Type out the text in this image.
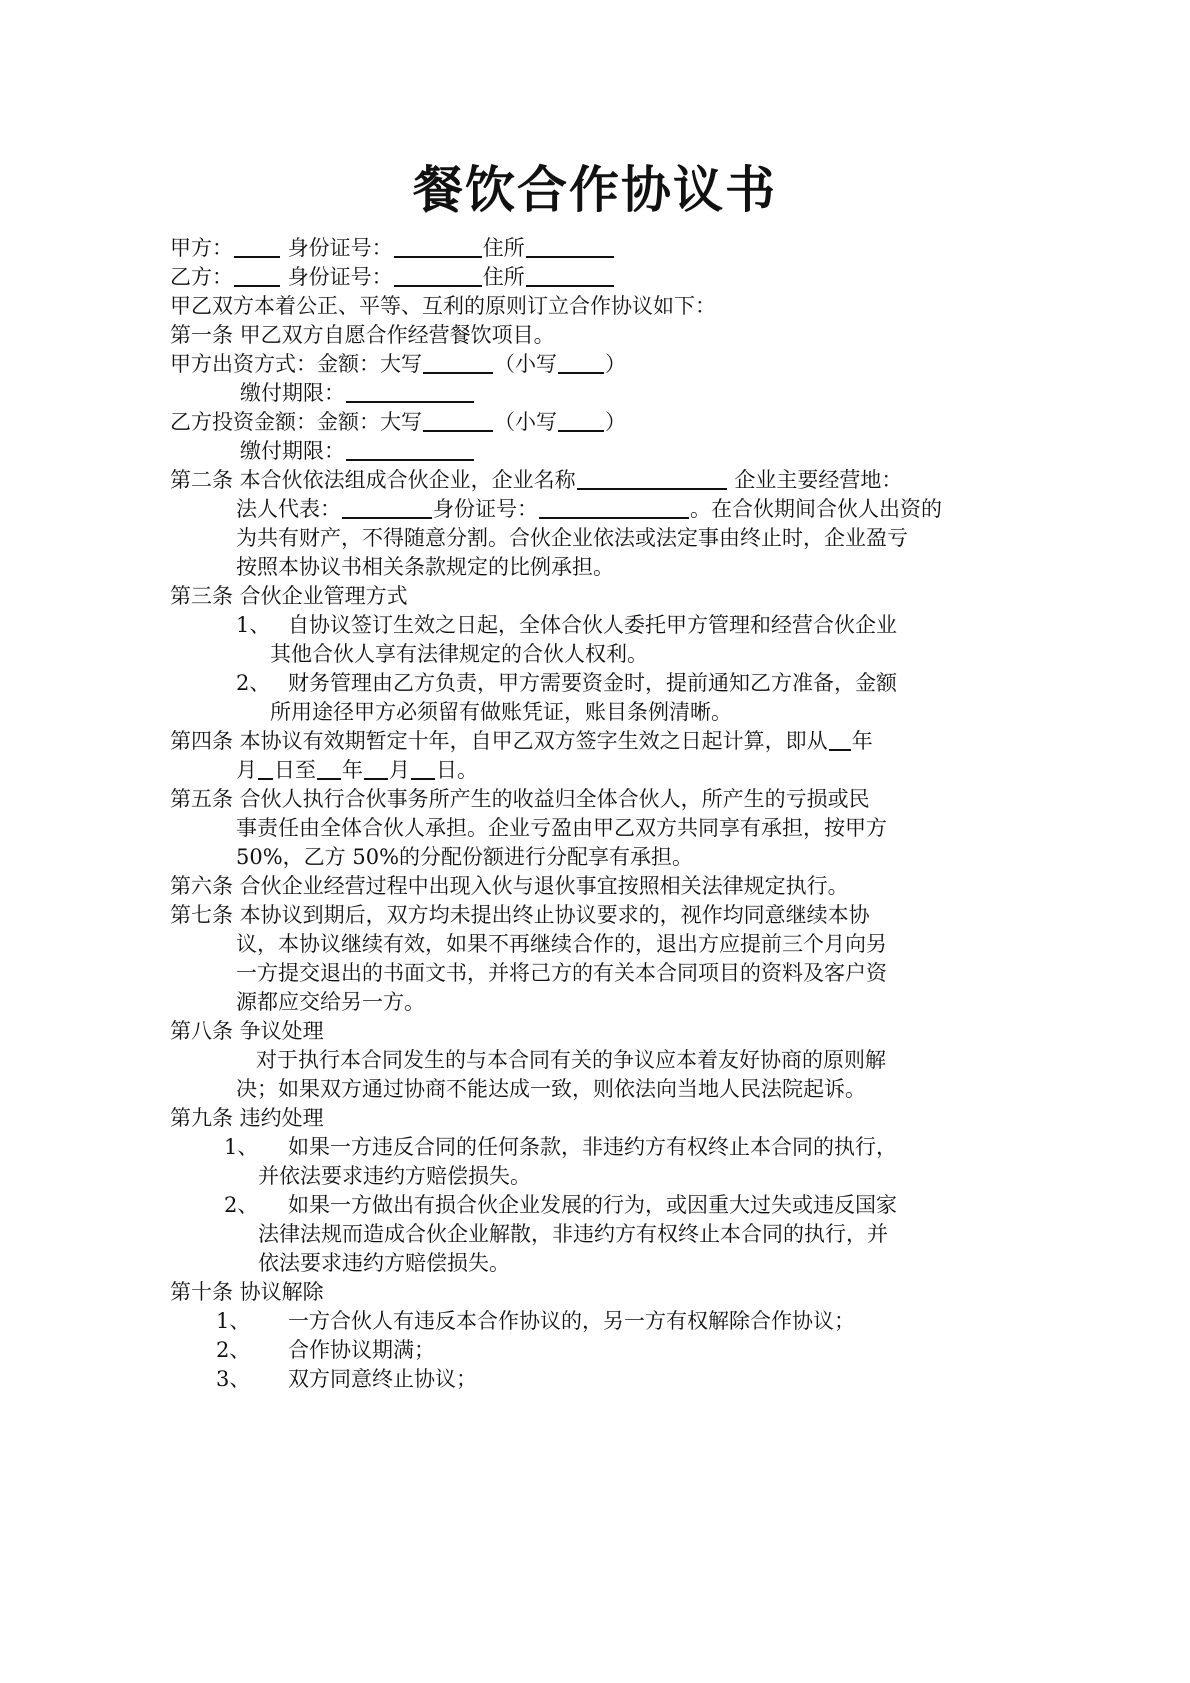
餐饮合作协议书
甲方：	身份证号：	住所
乙方：	身份证号：	住所
甲乙双方本着公正、平等、互利的原则订立合作协议如下：
第一条 甲乙双方自愿合作经营餐饮项目。
甲方出资方式：金额：大写	（小写 ）
缴付期限：
乙方投资金额：金额：大写	（小写 ）
缴付期限：
第二条 本合伙依法组成合伙企业，企业名称	企业主要经营地：
法人代表：	身份证号：	。在合伙期间合伙人出资的
为共有财产，不得随意分割。合伙企业依法或法定事由终止时，企业盈亏
按照本协议书相关条款规定的比例承担。
第三条 合伙企业管理方式
1、 自协议签订生效之日起，全体合伙人委托甲方管理和经营合伙企业
其他合伙人享有法律规定的合伙人权利。
2、 财务管理由乙方负责，甲方需要资金时，提前通知乙方准备，金额
所用途径甲方必须留有做账凭证，账目条例清晰。
第四条 本协议有效期暂定十年，自甲乙双方签字生效之日起计算，即从 年
月 日至 年 月 日。
第五条 合伙人执行合伙事务所产生的收益归全体合伙人，所产生的亏损或民
事责任由全体合伙人承担。企业亏盈由甲乙双方共同享有承担，按甲方
50%，乙方 50%的分配份额进行分配享有承担。
第六条 合伙企业经营过程中出现入伙与退伙事宜按照相关法律规定执行。
第七条 本协议到期后，双方均未提出终止协议要求的，视作均同意继续本协
议，本协议继续有效，如果不再继续合作的，退出方应提前三个月向另
一方提交退出的书面文书，并将己方的有关本合同项目的资料及客户资
源都应交给另一方。
第八条 争议处理
对于执行本合同发生的与本合同有关的争议应本着友好协商的原则解
决；如果双方通过协商不能达成一致，则依法向当地人民法院起诉。
第九条 违约处理
1、 如果一方违反合同的任何条款，非违约方有权终止本合同的执行，
并依法要求违约方赔偿损失。
2、 如果一方做出有损合伙企业发展的行为，或因重大过失或违反国家
法律法规而造成合伙企业解散，非违约方有权终止本合同的执行，并
依法要求违约方赔偿损失。
第十条 协议解除
1、 一方合伙人有违反本合作协议的，另一方有权解除合作协议；
2、 合作协议期满；
3、 双方同意终止协议；
